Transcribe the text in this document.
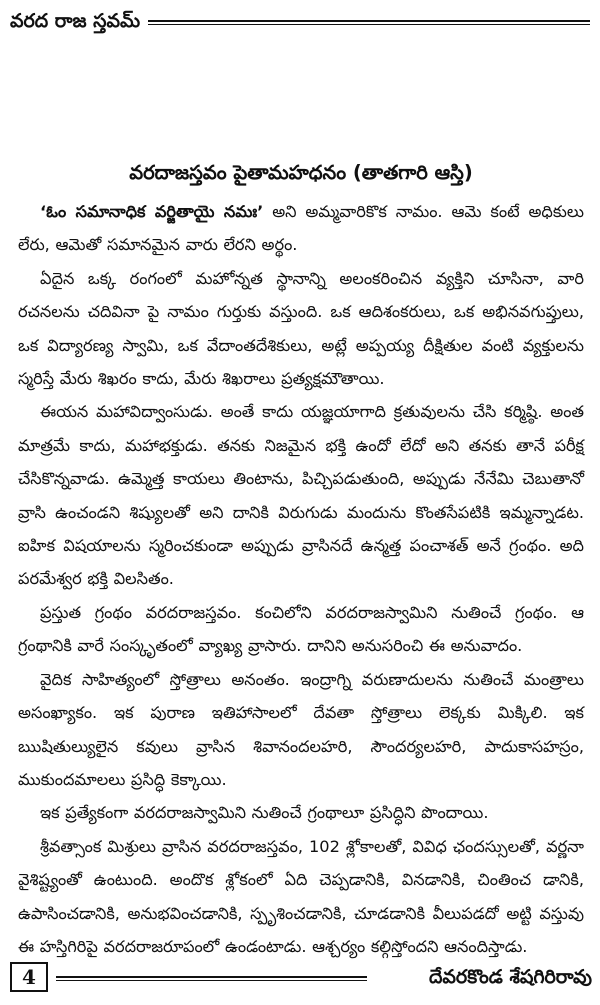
వరద రాజ స్తవమ్
వరదాజస్తవం పైతామహధనం (తాతగారి ఆస్తి)

‘ఓం సమానాధిక వర్జితాయై నమః’ అని అమ్మవారికొక నామం. ఆమె కంటే అధికులు లేరు, ఆమెతో సమానమైన వారు లేరని అర్థం.

ఏదైన ఒక్క రంగంలో మహోన్నత స్థానాన్ని అలంకరించిన వ్యక్తిని చూసినా, వారి రచనలను చదివినా పై నామం గుర్తుకు వస్తుంది. ఒక ఆదిశంకరులు, ఒక అభినవగుప్తులు, ఒక విద్యారణ్య స్వామి, ఒక వేదాంతదేశికులు, అట్లే అప్పయ్య దీక్షితుల వంటి వ్యక్తులను స్మరిస్తే మేరు శిఖరం కాదు, మేరు శిఖరాలు ప్రత్యక్షమౌతాయి.

ఈయన మహావిద్వాంసుడు. అంతే కాదు యజ్ఞయాగాది క్రతువులను చేసి కర్మిష్ఠి. అంత మాత్రమే కాదు, మహాభక్తుడు. తనకు నిజమైన భక్తి ఉందో లేదో అని తనకు తానే పరీక్ష చేసికొన్నవాడు. ఉమ్మెత్త కాయలు తింటాను, పిచ్చిపడుతుంది, అప్పుడు నేనేమి చెబుతానో వ్రాసి ఉంచండని శిష్యులతో అని దానికి విరుగుడు మందును కొంతసేపటికి ఇమ్మన్నాడట. ఐహిక విషయాలను స్మరించకుండా అప్పుడు వ్రాసినదే ఉన్మత్త పంచాశత్ అనే గ్రంథం. అది పరమేశ్వర భక్తి విలసితం.

ప్రస్తుత గ్రంథం వరదరాజస్తవం. కంచిలోని వరదరాజస్వామిని నుతించే గ్రంథం. ఆ గ్రంథానికి వారే సంస్కృతంలో వ్యాఖ్య వ్రాసారు. దానిని అనుసరించి ఈ అనువాదం.

వైదిక సాహిత్యంలో స్తోత్రాలు అనంతం. ఇంద్రాగ్ని వరుణాదులను నుతించే మంత్రాలు అసంఖ్యాకం. ఇక పురాణ ఇతిహాసాలలో దేవతా స్తోత్రాలు లెక్కకు మిక్కిలి. ఇక ఋషితుల్యులైన కవులు వ్రాసిన శివానందలహరి, సౌందర్యలహరి, పాదుకాసహస్రం, ముకుందమాలలు ప్రసిద్ధి కెక్కాయి.

ఇక ప్రత్యేకంగా వరదరాజస్వామిని నుతించే గ్రంథాలూ ప్రసిద్ధిని పొందాయి.

శ్రీవత్సాంక మిశ్రులు వ్రాసిన వరదరాజస్తవం, 102 శ్లోకాలతో, వివిధ ఛందస్సులతో, వర్ణనా వైశిష్ట్యంతో ఉంటుంది. అందొక శ్లోకంలో ఏది చెప్పడానికి, వినడానికి, చింతించ డానికి, ఉపాసించడానికి, అనుభవించడానికి, స్పృశించడానికి, చూడడానికి వీలుపడదో అట్టి వస్తువు ఈ హస్తిగిరిపై వరదరాజరూపంలో ఉండంటాడు. ఆశ్చర్యం కల్గిస్తోందని ఆనందిస్తాడు.

4	దేవరకొండ శేషగిరిరావు
